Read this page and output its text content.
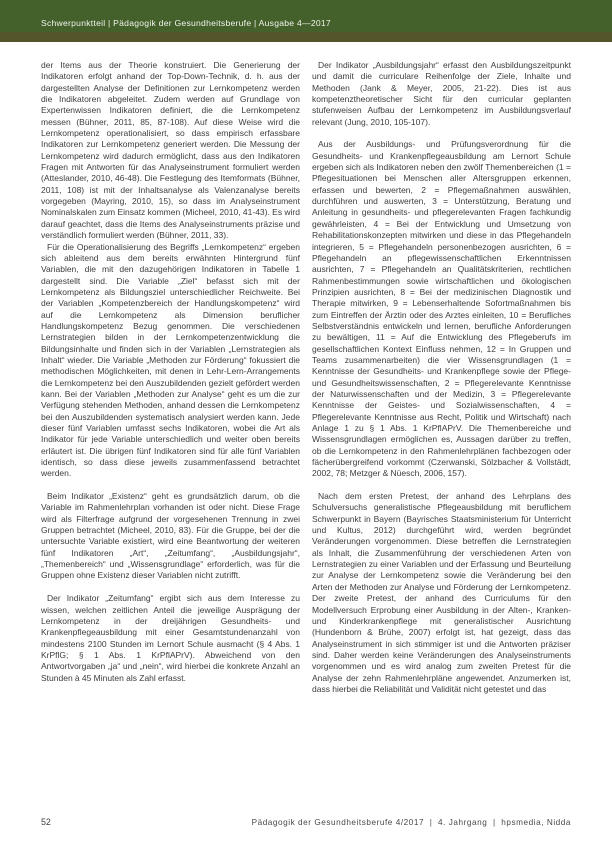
Schwerpunktteil | Pädagogik der Gesundheitsberufe | Ausgabe 4—2017

der Items aus der Theorie konstruiert. Die Generierung der Indikatoren erfolgt anhand der Top-Down-Technik, d. h. aus der dargestellten Analyse der Definitionen zur Lernkompetenz werden die Indikatoren abgeleitet. Zudem werden auf Grundlage von Expertenwissen Indikatoren definiert, die die Lernkompetenz messen (Bühner, 2011, 85, 87-108). Auf diese Weise wird die Lernkompetenz operationalisiert, so dass empirisch erfassbare Indikatoren zur Lernkompetenz generiert werden. Die Messung der Lernkompetenz wird dadurch ermöglicht, dass aus den Indikatoren Fragen mit Antworten für das Analyseinstrument formuliert werden (Atteslander, 2010, 46-48). Die Festlegung des Itemformats (Bühner, 2011, 108) ist mit der Inhaltsanalyse als Valenzanalyse bereits vorgegeben (Mayring, 2010, 15), so dass im Analyseinstrument Nominalskalen zum Einsatz kommen (Micheel, 2010, 41-43). Es wird darauf geachtet, dass die Items des Analyseinstruments präzise und verständlich formuliert werden (Bühner, 2011, 33).

Für die Operationalisierung des Begriffs „Lernkompetenz“ ergeben sich ableitend aus dem bereits erwähnten Hintergrund fünf Variablen, die mit den dazugehörigen Indikatoren in Tabelle 1 dargestellt sind. Die Variable „Ziel“ befasst sich mit der Lernkompetenz als Bildungsziel unterschiedlicher Reichweite. Bei der Variablen „Kompetenzbereich der Handlungskompetenz“ wird auf die Lernkompetenz als Dimension beruflicher Handlungskompetenz Bezug genommen. Die verschiedenen Lernstrategien bilden in der Lernkompetenzentwicklung die Bildungsinhalte und finden sich in der Variablen „Lernstrategien als Inhalt“ wieder. Die Variable „Methoden zur Förderung“ fokussiert die methodischen Möglichkeiten, mit denen in Lehr-Lern-Arrangements die Lernkompetenz bei den Auszubildenden gezielt gefördert werden kann. Bei der Variablen „Methoden zur Analyse“ geht es um die zur Verfügung stehenden Methoden, anhand dessen die Lernkompetenz bei den Auszubildenden systematisch analysiert werden kann. Jede dieser fünf Variablen umfasst sechs Indikatoren, wobei die Art als Indikator für jede Variable unterschiedlich und weiter oben bereits erläutert ist. Die übrigen fünf Indikatoren sind für alle fünf Variablen identisch, so dass diese jeweils zusammenfassend betrachtet werden.

Beim Indikator „Existenz“ geht es grundsätzlich darum, ob die Variable im Rahmenlehrplan vorhanden ist oder nicht. Diese Frage wird als Filterfrage aufgrund der vorgesehenen Trennung in zwei Gruppen betrachtet (Micheel, 2010, 83). Für die Gruppe, bei der die untersuchte Variable existiert, wird eine Beantwortung der weiteren fünf Indikatoren „Art“, „Zeitumfang“, „Ausbildungsjahr“, „Themenbereich“ und „Wissensgrundlage“ erforderlich, was für die Gruppen ohne Existenz dieser Variablen nicht zutrifft.

Der Indikator „Zeitumfang“ ergibt sich aus dem Interesse zu wissen, welchen zeitlichen Anteil die jeweilige Ausprägung der Lernkompetenz in der dreijährigen Gesundheits- und Krankenpflegeausbildung mit einer Gesamtstundenanzahl von mindestens 2100 Stunden im Lernort Schule ausmacht (§ 4 Abs. 1 KrPflG; § 1 Abs. 1 KrPflAPrV). Abweichend von den Antwortvorgaben „ja“ und „nein“, wird hierbei die konkrete Anzahl an Stunden à 45 Minuten als Zahl erfasst.

Der Indikator „Ausbildungsjahr“ erfasst den Ausbildungszeitpunkt und damit die curriculare Reihenfolge der Ziele, Inhalte und Methoden (Jank & Meyer, 2005, 21-22). Dies ist aus kompetenztheoretischer Sicht für den curricular geplanten stufenweisen Aufbau der Lernkompetenz im Ausbildungsverlauf relevant (Jung, 2010, 105-107).

Aus der Ausbildungs- und Prüfungsverordnung für die Gesundheits- und Krankenpflegeausbildung am Lernort Schule ergeben sich als Indikatoren neben den zwölf Themenbereichen (1 = Pflegesituationen bei Menschen aller Altersgruppen erkennen, erfassen und bewerten, 2 = Pflegemaßnahmen auswählen, durchführen und auswerten, 3 = Unterstützung, Beratung und Anleitung in gesundheits- und pflegerelevanten Fragen fachkundig gewährleisten, 4 = Bei der Entwicklung und Umsetzung von Rehabilitationskonzepten mitwirken und diese in das Pflegehandeln integrieren, 5 = Pflegehandeln personenbezogen ausrichten, 6 = Pflegehandeln an pflegewissenschaftlichen Erkenntnissen ausrichten, 7 = Pflegehandeln an Qualitätskriterien, rechtlichen Rahmenbestimmungen sowie wirtschaftlichen und ökologischen Prinzipien ausrichten, 8 = Bei der medizinischen Diagnostik und Therapie mitwirken, 9 = Lebenserhaltende Sofortmaßnahmen bis zum Eintreffen der Ärztin oder des Arztes einleiten, 10 = Berufliches Selbstverständnis entwickeln und lernen, berufliche Anforderungen zu bewältigen, 11 = Auf die Entwicklung des Pflegeberufs im gesellschaftlichen Kontext Einfluss nehmen, 12 = In Gruppen und Teams zusammenarbeiten) die vier Wissensgrundlagen (1 = Kenntnisse der Gesundheits- und Krankenpflege sowie der Pflege- und Gesundheitswissenschaften, 2 = Pflegerelevante Kenntnisse der Naturwissenschaften und der Medizin, 3 = Pflegerelevante Kenntnisse der Geistes- und Sozialwissenschaften, 4 = Pflegerelevante Kenntnisse aus Recht, Politik und Wirtschaft) nach Anlage 1 zu § 1 Abs. 1 KrPflAPrV. Die Themenbereiche und Wissensgrundlagen ermöglichen es, Aussagen darüber zu treffen, ob die Lernkompetenz in den Rahmenlehrplänen fachbezogen oder fächerübergreifend vorkommt (Czerwanski, Sölzbacher & Vollstädt, 2002, 78; Metzger & Nüesch, 2006, 157).

Nach dem ersten Pretest, der anhand des Lehrplans des Schulversuchs generalistische Pflegeausbildung mit beruflichem Schwerpunkt in Bayern (Bayrisches Staatsministerium für Unterricht und Kultus, 2012) durchgeführt wird, werden begründet Veränderungen vorgenommen. Diese betreffen die Lernstrategien als Inhalt, die Zusammenführung der verschiedenen Arten von Lernstrategien zu einer Variablen und der Erfassung und Beurteilung zur Analyse der Lernkompetenz sowie die Veränderung bei den Arten der Methoden zur Analyse und Förderung der Lernkompetenz. Der zweite Pretest, der anhand des Curriculums für den Modellversuch Erprobung einer Ausbildung in der Alten-, Kranken- und Kinderkrankenpflege mit generalistischer Ausrichtung (Hundenborn & Brühe, 2007) erfolgt ist, hat gezeigt, dass das Analyseinstrument in sich stimmiger ist und die Antworten präziser sind. Daher werden keine Veränderungen des Analyseinstruments vorgenommen und es wird analog zum zweiten Pretest für die Analyse der zehn Rahmenlehrpläne angewendet. Anzumerken ist, dass hierbei die Reliabilität und Validität nicht getestet und das

52	Pädagogik der Gesundheitsberufe 4/2017  |  4. Jahrgang  |  hpsmedia, Nidda
